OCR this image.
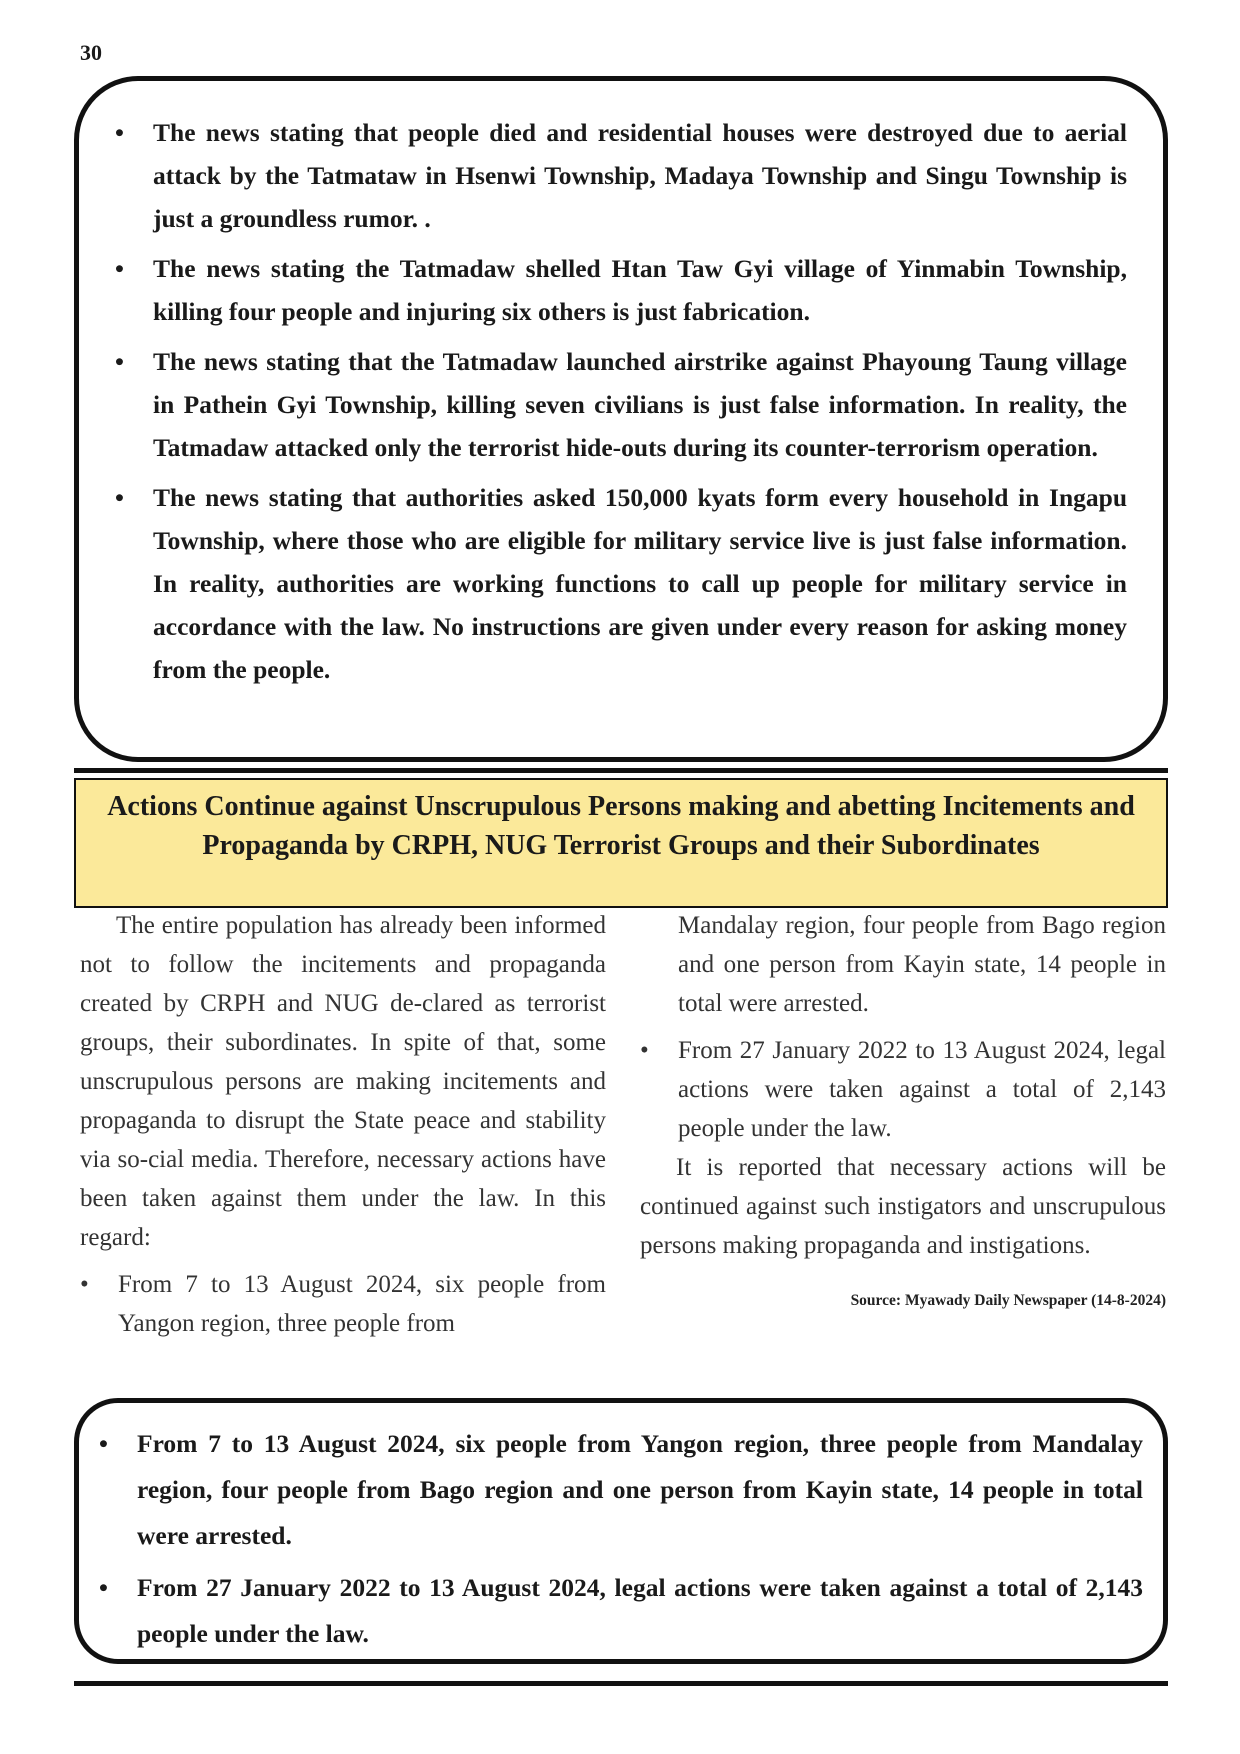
30
• The news stating that people died and residential houses were destroyed due to aerial attack by the Tatmataw in Hsenwi Township, Madaya Township and Singu Township is just a groundless rumor. .
• The news stating the Tatmadaw shelled Htan Taw Gyi village of Yinmabin Township, killing four people and injuring six others is just fabrication.
• The news stating that the Tatmadaw launched airstrike against Phayoung Taung village in Pathein Gyi Township, killing seven civilians is just false information. In reality, the Tatmadaw attacked only the terrorist hide-outs during its counter-terrorism operation.
• The news stating that authorities asked 150,000 kyats form every household in Ingapu Township, where those who are eligible for military service live is just false information. In reality, authorities are working functions to call up people for military service in accordance with the law. No instructions are given under every reason for asking money from the people.
Actions Continue against Unscrupulous Persons making and abetting Incitements and Propaganda by CRPH, NUG Terrorist Groups and their Subordinates

The entire population has already been informed not to follow the incitements and propaganda created by CRPH and NUG de-clared as terrorist groups, their subordinates. In spite of that, some unscrupulous persons are making incitements and propaganda to disrupt the State peace and stability via so-cial media. Therefore, necessary actions have been taken against them under the law. In this regard:

• From 7 to 13 August 2024, six people from Yangon region, three people from

Mandalay region, four people from Bago region and one person from Kayin state, 14 people in total were arrested.

• From 27 January 2022 to 13 August 2024, legal actions were taken against a total of 2,143 people under the law.

It is reported that necessary actions will be continued against such instigators and unscrupulous persons making propaganda and instigations.

Source: Myawady Daily Newspaper (14-8-2024)
• From 7 to 13 August 2024, six people from Yangon region, three people from Mandalay region, four people from Bago region and one person from Kayin state, 14 people in total were arrested.
• From 27 January 2022 to 13 August 2024, legal actions were taken against a total of 2,143 people under the law.
